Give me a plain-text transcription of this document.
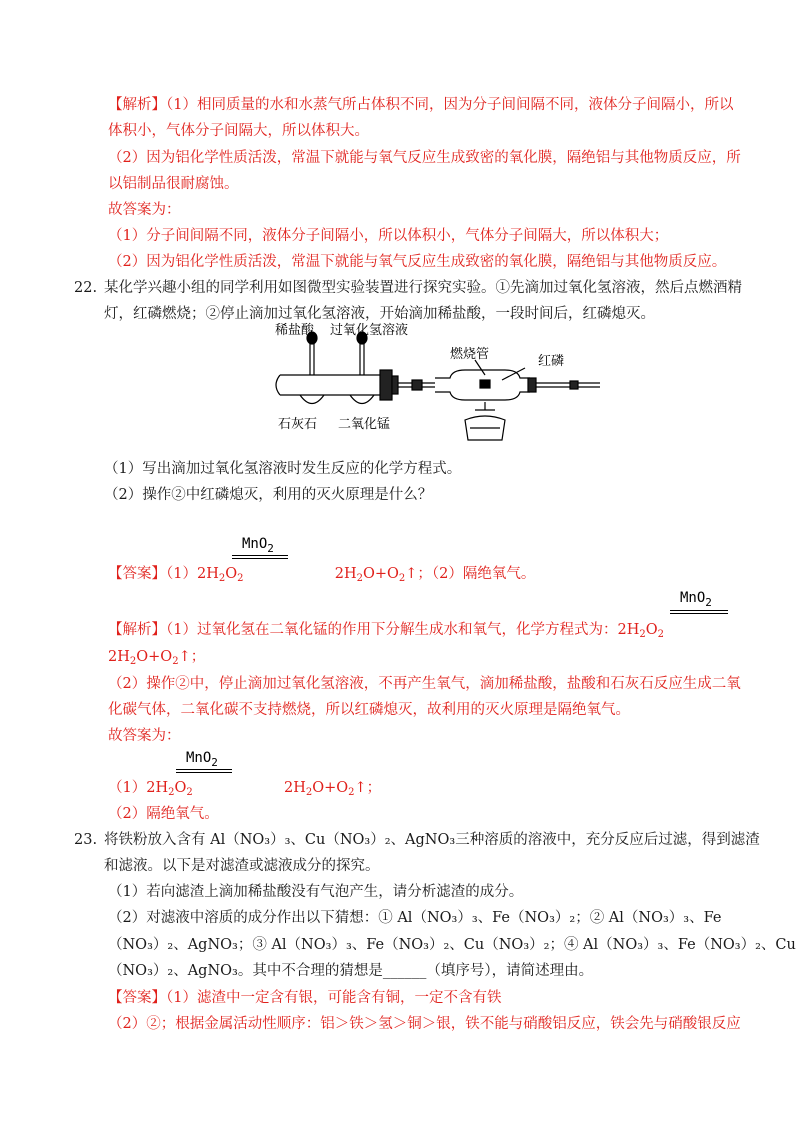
【解析】（1）相同质量的水和水蒸气所占体积不同，因为分子间间隔不同，液体分子间隔小，所以
体积小，气体分子间隔大，所以体积大。
（2）因为铝化学性质活泼，常温下就能与氧气反应生成致密的氧化膜，隔绝铝与其他物质反应，所
以铝制品很耐腐蚀。
故答案为：
（1）分子间间隔不同，液体分子间隔小，所以体积小，气体分子间隔大，所以体积大；
（2）因为铝化学性质活泼，常温下就能与氧气反应生成致密的氧化膜，隔绝铝与其他物质反应。
22. 某化学兴趣小组的同学利用如图微型实验装置进行探究实验。①先滴加过氧化氢溶液，然后点燃酒精
灯，红磷燃烧；②停止滴加过氧化氢溶液，开始滴加稀盐酸，一段时间后，红磷熄灭。
稀盐酸 过氧化氢溶液
燃烧管	红磷
石灰石 二氧化锰
（1）写出滴加过氧化氢溶液时发生反应的化学方程式。
（2）操作②中红磷熄灭，利用的灭火原理是什么？
MnO$_2$
【答案】$(1)2H_2O_2$	$2H_2O+O_2↑$；（2）隔绝氧气。
MnO$_2$
【解析】（1）过氧化氢在二氧化锰的作用下分解生成水和氧气，化学方程式为：$2H_2O_2$
$2H_2O+O_2↑$；
（2）操作②中，停止滴加过氧化氢溶液，不再产生氧气，滴加稀盐酸，盐酸和石灰石反应生成二氧
化碳气体，二氧化碳不支持燃烧，所以红磷熄灭，故利用的灭火原理是隔绝氧气。
故答案为：
MnO$_2$
$(1)2H_2O_2$	$2H_2O+O_2↑$；
（2）隔绝氧气。
23. 将铁粉放入含有 Al（NO₃）₃、Cu（NO₃）₂、AgNO₃三种溶质的溶液中，充分反应后过滤，得到滤渣
和滤液。以下是对滤渣或滤液成分的探究。
（1）若向滤渣上滴加稀盐酸没有气泡产生，请分析滤渣的成分。
（2）对滤液中溶质的成分作出以下猜想：① Al（NO₃）₃、Fe（NO₃）₂；② Al（NO₃）₃、Fe
（NO₃）₂、AgNO₃；③ Al（NO₃）₃、Fe（NO₃）₂、Cu（NO₃）₂；④ Al（NO₃）₃、Fe（NO₃）₂、Cu
（NO₃）₂、AgNO₃。其中不合理的猜想是______（填序号），请简述理由。
【答案】（1）滤渣中一定含有银，可能含有铜，一定不含有铁
（2）②；根据金属活动性顺序：铝＞铁＞氢＞铜＞银，铁不能与硝酸铝反应，铁会先与硝酸银反应
